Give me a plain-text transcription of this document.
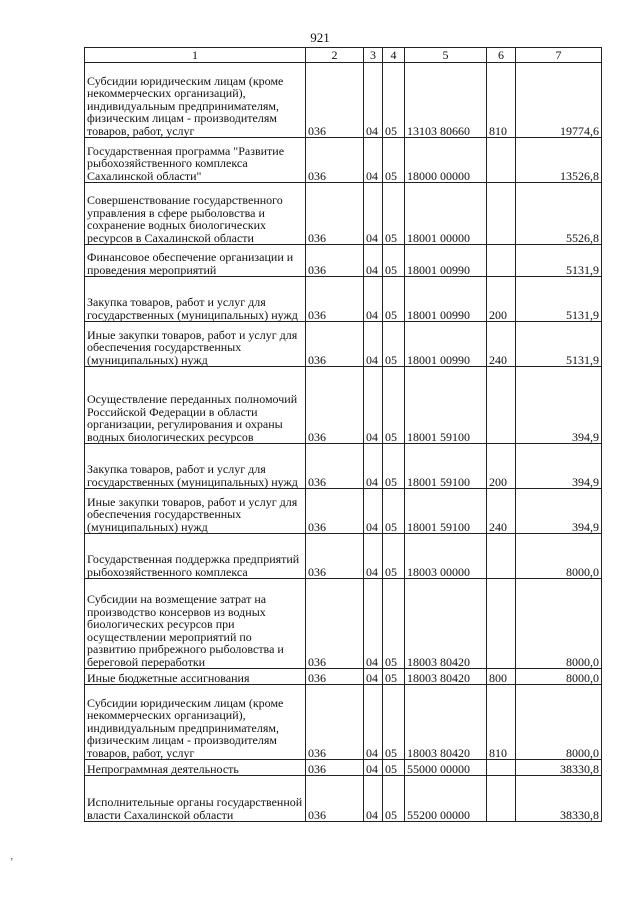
921
1	2	3	4	5	6	7
Субсидии юридическим лицам (кроме некоммерческих организаций), индивидуальным предпринимателям, физическим лицам - производителям товаров, работ, услуг	036	04	05	13103 80660	810	19774,6
Государственная программа "Развитие рыбохозяйственного комплекса Сахалинской области"	036	04	05	18000 00000		13526,8
Совершенствование государственного управления в сфере рыболовства и сохранение водных биологических ресурсов в Сахалинской области	036	04	05	18001 00000		5526,8
Финансовое обеспечение организации и проведения мероприятий	036	04	05	18001 00990		5131,9
Закупка товаров, работ и услуг для государственных (муниципальных) нужд	036	04	05	18001 00990	200	5131,9
Иные закупки товаров, работ и услуг для обеспечения государственных (муниципальных) нужд	036	04	05	18001 00990	240	5131,9
Осуществление переданных полномочий Российской Федерации в области организации, регулирования и охраны водных биологических ресурсов	036	04	05	18001 59100		394,9
Закупка товаров, работ и услуг для государственных (муниципальных) нужд	036	04	05	18001 59100	200	394,9
Иные закупки товаров, работ и услуг для обеспечения государственных (муниципальных) нужд	036	04	05	18001 59100	240	394,9
Государственная поддержка предприятий рыбохозяйственного комплекса	036	04	05	18003 00000		8000,0
Субсидии на возмещение затрат на производство консервов из водных биологических ресурсов при осуществлении мероприятий по развитию прибрежного рыболовства и береговой переработки	036	04	05	18003 80420		8000,0
Иные бюджетные ассигнования	036	04	05	18003 80420	800	8000,0
Субсидии юридическим лицам (кроме некоммерческих организаций), индивидуальным предпринимателям, физическим лицам - производителям товаров, работ, услуг	036	04	05	18003 80420	810	8000,0
Непрограммная деятельность	036	04	05	55000 00000		38330,8
Исполнительные органы государственной власти Сахалинской области	036	04	05	55200 00000		38330,8
ʼ
